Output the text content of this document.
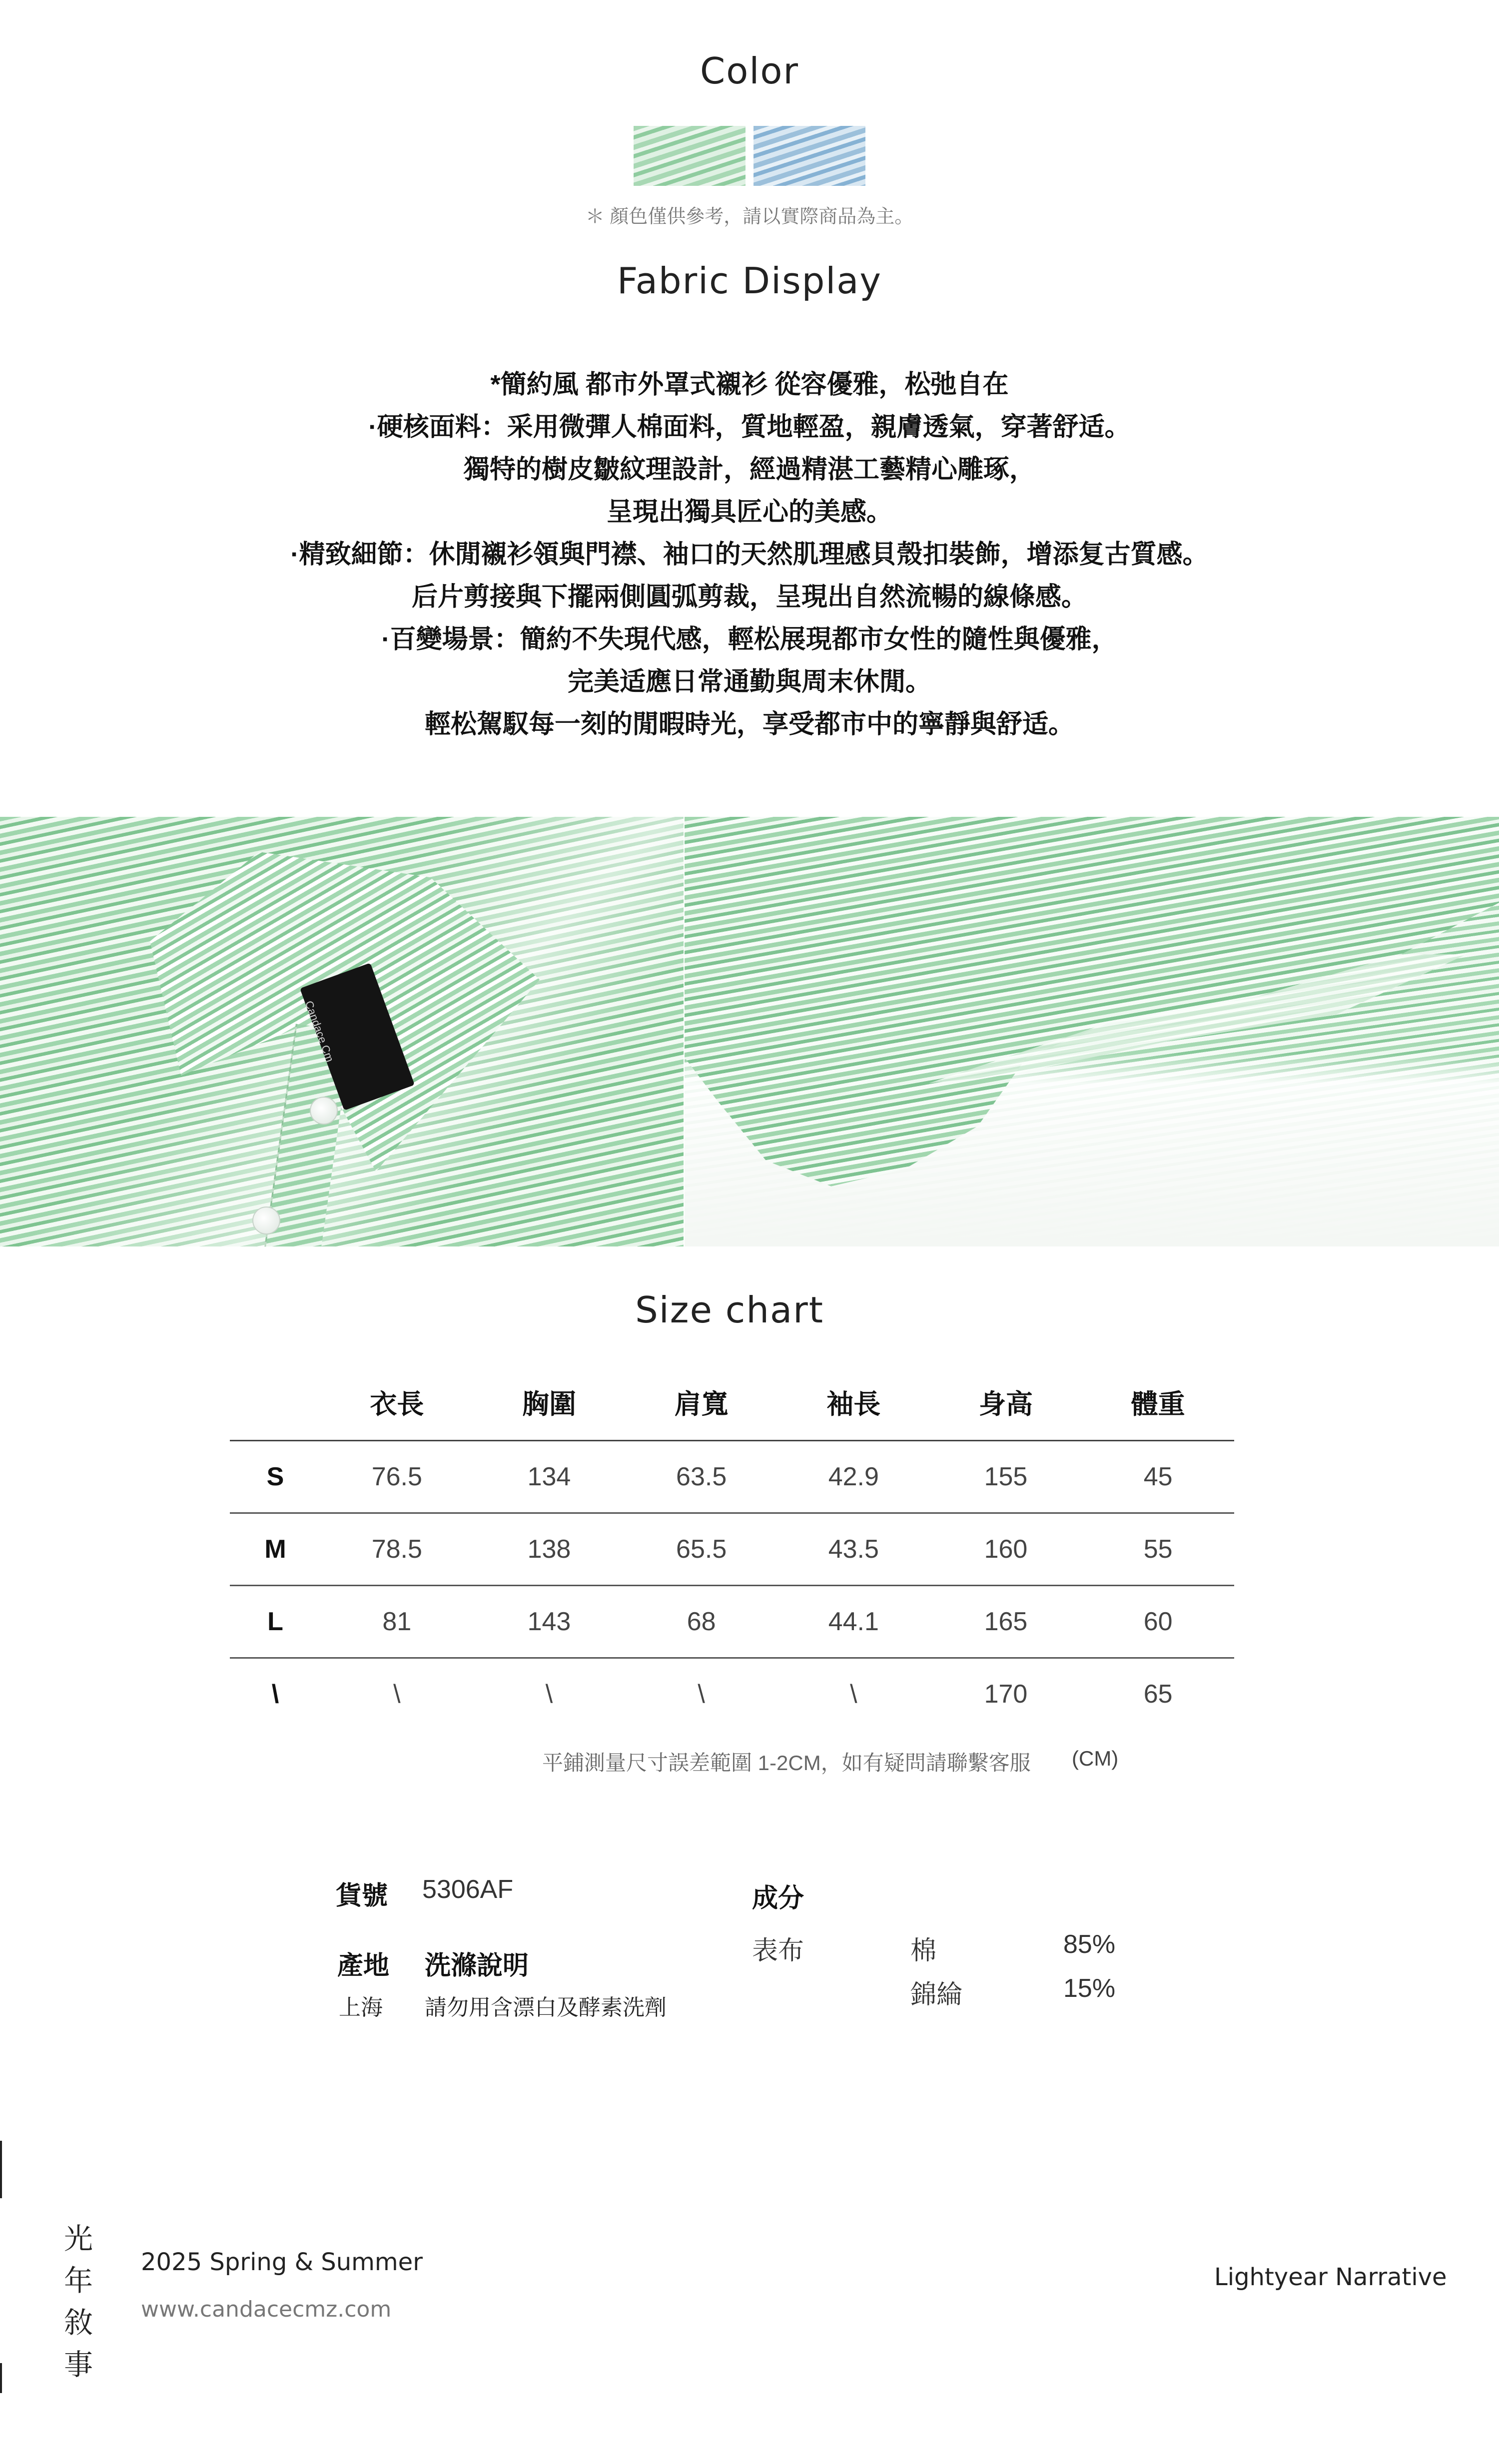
Color
＊ 顏色僅供參考，請以實際商品為主。
Fabric Display
*簡約風 都市外罩式襯衫 從容優雅，松弛自在
·硬核面料：采用微彈人棉面料，質地輕盈，親膚透氣，穿著舒适。
獨特的樹皮皺紋理設計，經過精湛工藝精心雕琢，
呈現出獨具匠心的美感。
·精致細節：休閒襯衫領與門襟、袖口的天然肌理感貝殼扣裝飾，增添复古質感。
后片剪接與下擺兩側圓弧剪裁，呈現出自然流暢的線條感。
·百變場景：簡約不失現代感，輕松展現都市女性的隨性與優雅，
完美适應日常通勤與周末休閒。
輕松駕馭每一刻的閒暇時光，享受都市中的寧靜與舒适。
Candace Cm
Size chart
	衣長	胸圍	肩寬	袖長	身高	體重
S	76.5	134	63.5	42.9	155	45
M	78.5	138	65.5	43.5	160	55
L	81	143	68	44.1	165	60
\	\	\	\	\	170	65
平鋪測量尺寸誤差範圍 1-2CM，如有疑問請聯繫客服 (CM)
貨號 5306AF
產地 洗滌說明
上海 請勿用含漂白及酵素洗劑
成分
表布	棉	85%
錦綸	15%
光
年
敘
事
2025 Spring & Summer
www.candacecmz.com
Lightyear Narrative
